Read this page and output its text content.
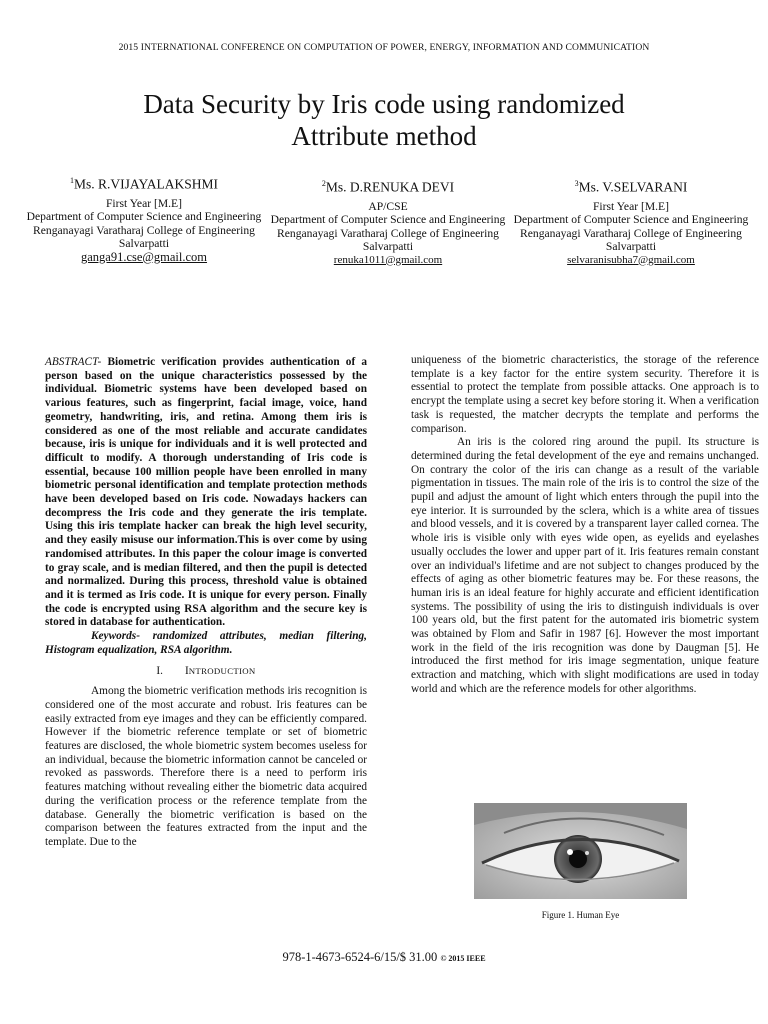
2015 INTERNATIONAL CONFERENCE ON COMPUTATION OF POWER, ENERGY, INFORMATION AND COMMUNICATION
Data Security by Iris code using randomized
Attribute method
$^1$Ms. R.VIJAYALAKSHMI
First Year [M.E]
Department of Computer Science and Engineering
Renganayagi Varatharaj College of Engineering
Salvarpatti
ganga91.cse@gmail.com
$^2$Ms. D.RENUKA DEVI
AP/CSE
Department of Computer Science and Engineering
Renganayagi Varatharaj College of Engineering
Salvarpatti
renuka1011@gmail.com
$^3$Ms. V.SELVARANI
First Year [M.E]
Department of Computer Science and Engineering
Renganayagi Varatharaj College of Engineering
Salvarpatti
selvaranisubha7@gmail.com

ABSTRACT- Biometric verification provides authentication of a person based on the unique characteristics possessed by the individual. Biometric systems have been developed based on various features, such as fingerprint, facial image, voice, hand geometry, handwriting, iris, and retina. Among them iris is considered as one of the most reliable and accurate candidates because, iris is unique for individuals and it is well protected and difficult to modify. A thorough understanding of Iris code is essential, because 100 million people have been enrolled in many biometric personal identification and template protection methods have been developed based on Iris code. Nowadays hackers can decompress the Iris code and they generate the iris template. Using this iris template hacker can break the high level security, and they easily misuse our information.This is over come by using randomised attributes. In this paper the colour image is converted to gray scale, and is median filtered, and then the pupil is detected and normalized. During this process, threshold value is obtained and it is termed as Iris code. It is unique for every person. Finally the code is encrypted using RSA algorithm and the secure key is stored in database for authentication.

Keywords- randomized attributes, median filtering, Histogram equalization, RSA algorithm.

I. INTRODUCTION

Among the biometric verification methods iris recognition is considered one of the most accurate and robust. Iris features can be easily extracted from eye images and they can be efficiently compared. However if the biometric reference template or set of biometric features are disclosed, the whole biometric system becomes useless for an individual, because the biometric information cannot be canceled or revoked as passwords. Therefore there is a need to perform iris features matching without revealing either the biometric data acquired during the verification process or the reference template from the database. Generally the biometric verification is based on the comparison between the features extracted from the input and the template. Due to the

uniqueness of the biometric characteristics, the storage of the reference template is a key factor for the entire system security. Therefore it is essential to protect the template from possible attacks. One approach is to encrypt the template using a secret key before storing it. When a verification task is requested, the matcher decrypts the template and performs the comparison.

An iris is the colored ring around the pupil. Its structure is determined during the fetal development of the eye and remains unchanged. On contrary the color of the iris can change as a result of the variable pigmentation in tissues. The main role of the iris is to control the size of the pupil and adjust the amount of light which enters through the pupil into the eye interior. It is surrounded by the sclera, which is a white area of tissues and blood vessels, and it is covered by a transparent layer called cornea. The whole iris is visible only with eyes wide open, as eyelids and eyelashes usually occludes the lower and upper part of it. Iris features remain constant over an individual's lifetime and are not subject to changes produced by the effects of aging as other biometric features may be. For these reasons, the human iris is an ideal feature for highly accurate and efficient identification systems. The possibility of using the iris to distinguish individuals is over 100 years old, but the first patent for the automated iris biometric system was obtained by Flom and Safir in 1987 [6]. However the most important work in the field of the iris recognition was done by Daugman [5]. He introduced the first method for iris image segmentation, unique feature extraction and matching, which with slight modifications are used in today world and which are the reference models for other algorithms.

Figure 1. Human Eye
978-1-4673-6524-6/15/$ 31.00 © 2015 IEEE
